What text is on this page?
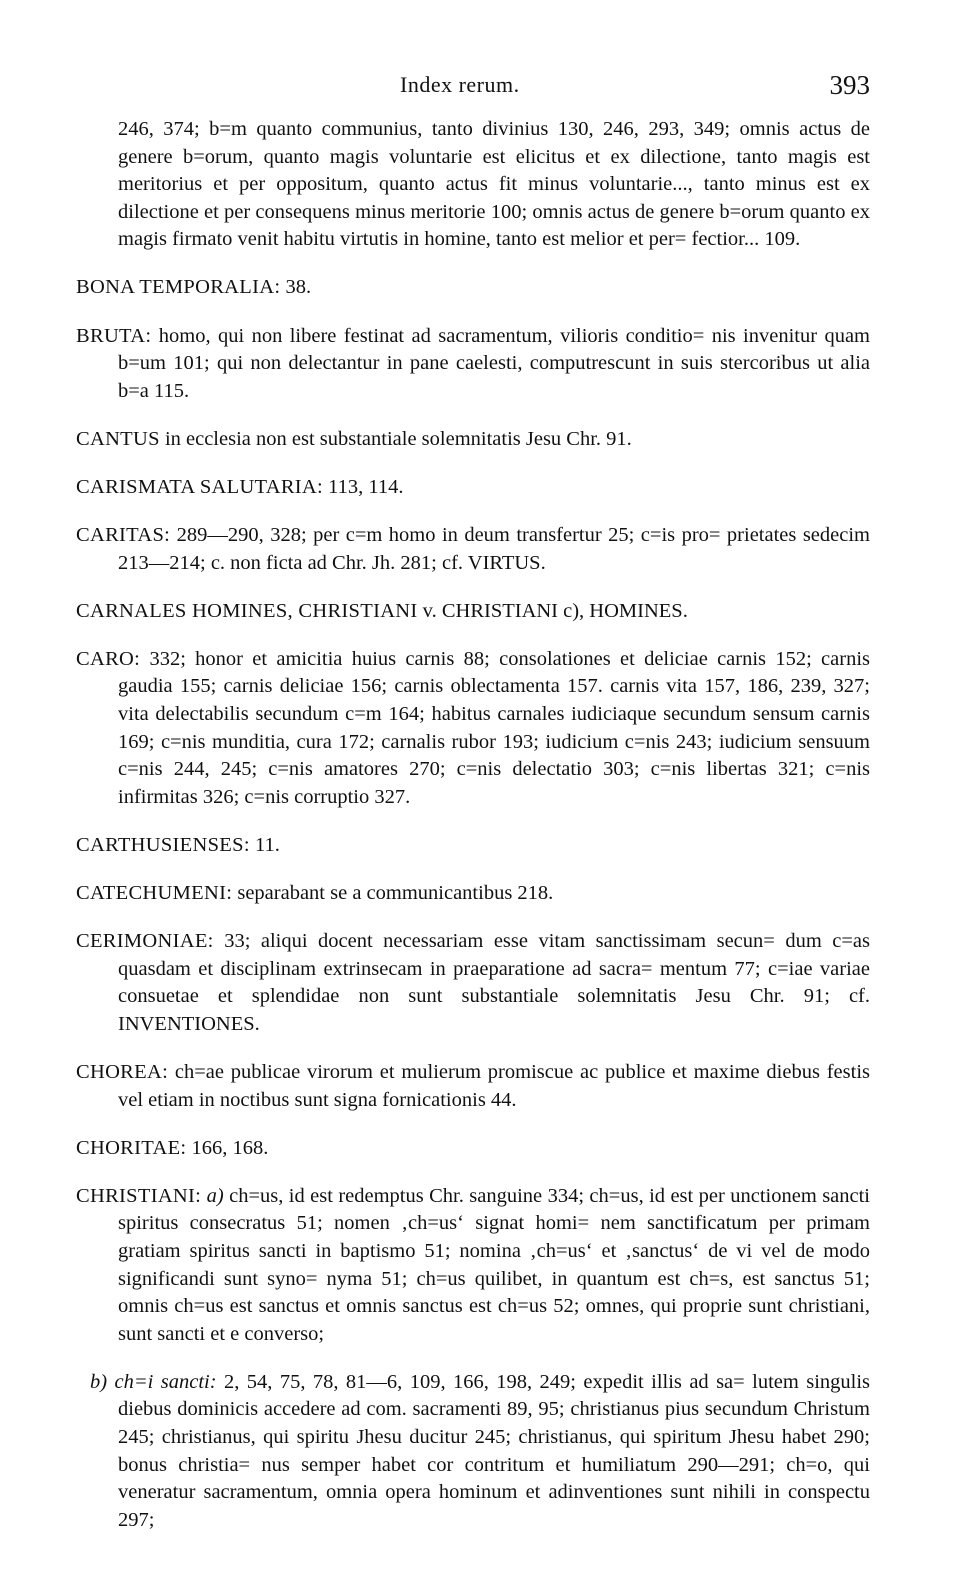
Index rerum.	393

246, 374; b=m quanto communius, tanto divinius 130, 246, 293, 349; omnis actus de genere b=orum, quanto magis voluntarie est elicitus et ex dilectione, tanto magis est meritorius et per oppositum, quanto actus fit minus voluntarie..., tanto minus est ex dilectione et per consequens minus meritorie 100; omnis actus de genere b=orum quanto ex magis firmato venit habitu virtutis in homine, tanto est melior et per= fectior... 109.

BONA TEMPORALIA: 38.

BRUTA: homo, qui non libere festinat ad sacramentum, vilioris conditio= nis invenitur quam b=um 101; qui non delectantur in pane caelesti, computrescunt in suis stercoribus ut alia b=a 115.

CANTUS in ecclesia non est substantiale solemnitatis Jesu Chr. 91.

CARISMATA SALUTARIA: 113, 114.

CARITAS: 289—290, 328; per c=m homo in deum transfertur 25; c=is pro= prietates sedecim 213—214; c. non ficta ad Chr. Jh. 281; cf. VIRTUS.

CARNALES HOMINES, CHRISTIANI v. CHRISTIANI c), HOMINES.

CARO: 332; honor et amicitia huius carnis 88; consolationes et deliciae carnis 152; carnis gaudia 155; carnis deliciae 156; carnis oblectamenta 157. carnis vita 157, 186, 239, 327; vita delectabilis secundum c=m 164; habitus carnales iudiciaque secundum sensum carnis 169; c=nis munditia, cura 172; carnalis rubor 193; iudicium c=nis 243; iudicium sensuum c=nis 244, 245; c=nis amatores 270; c=nis delectatio 303; c=nis libertas 321; c=nis infirmitas 326; c=nis corruptio 327.

CARTHUSIENSES: 11.

CATECHUMENI: separabant se a communicantibus 218.

CERIMONIAE: 33; aliqui docent necessariam esse vitam sanctissimam secun= dum c=as quasdam et disciplinam extrinsecam in praeparatione ad sacra= mentum 77; c=iae variae consuetae et splendidae non sunt substantiale solemnitatis Jesu Chr. 91; cf. INVENTIONES.

CHOREA: ch=ae publicae virorum et mulierum promiscue ac publice et maxime diebus festis vel etiam in noctibus sunt signa fornicationis 44.

CHORITAE: 166, 168.

CHRISTIANI: a) ch=us, id est redemptus Chr. sanguine 334; ch=us, id est per unctionem sancti spiritus consecratus 51; nomen ‚ch=us‘ signat homi= nem sanctificatum per primam gratiam spiritus sancti in baptismo 51; nomina ‚ch=us‘ et ‚sanctus‘ de vi vel de modo significandi sunt syno= nyma 51; ch=us quilibet, in quantum est ch=s, est sanctus 51; omnis ch=us est sanctus et omnis sanctus est ch=us 52; omnes, qui proprie sunt christiani, sunt sancti et e converso;

b) ch=i sancti: 2, 54, 75, 78, 81—6, 109, 166, 198, 249; expedit illis ad sa= lutem singulis diebus dominicis accedere ad com. sacramenti 89, 95; christianus pius secundum Christum 245; christianus, qui spiritu Jhesu ducitur 245; christianus, qui spiritum Jhesu habet 290; bonus christia= nus semper habet cor contritum et humiliatum 290—291; ch=o, qui veneratur sacramentum, omnia opera hominum et adinventiones sunt nihili in conspectu 297;
